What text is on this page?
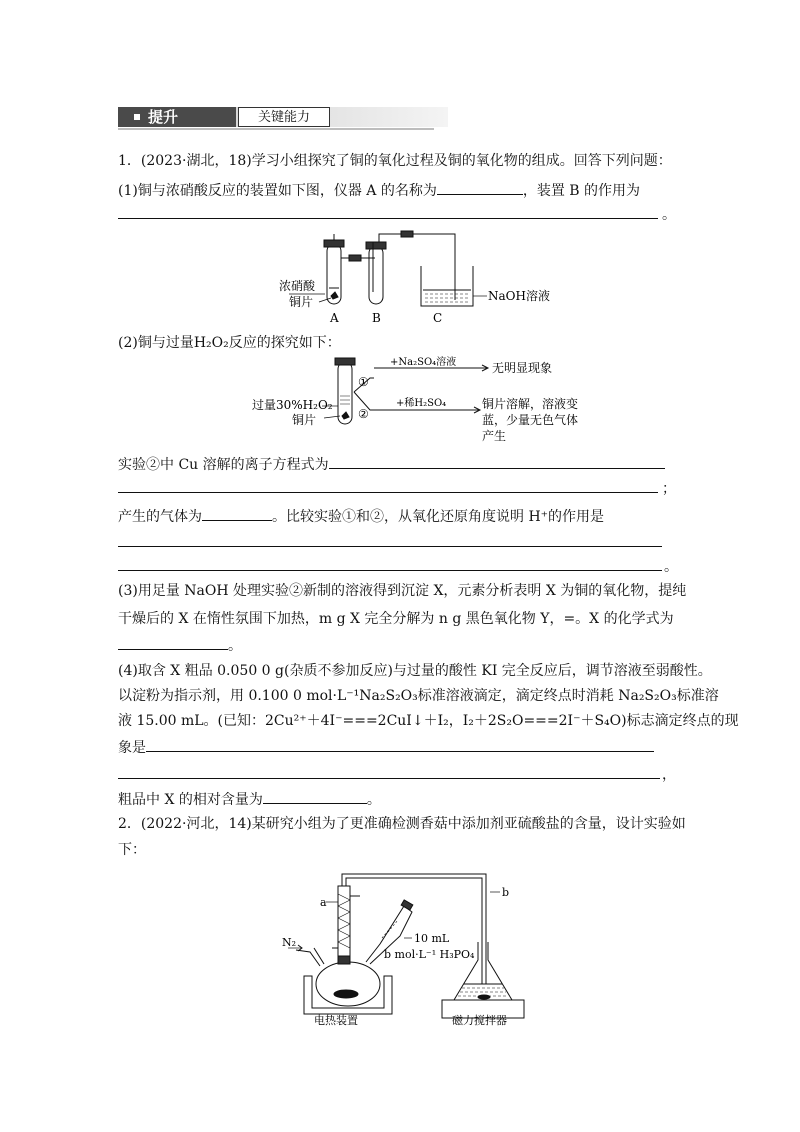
提升	关键能力
1．(2023·湖北，18)学习小组探究了铜的氧化过程及铜的氧化物的组成。回答下列问题：
(1)铜与浓硝酸反应的装置如下图，仪器 A 的名称为	，装置 B 的作用为
。
浓硝酸
铜片	NaOH溶液
A	B	C
(2)铜与过量H₂O₂反应的探究如下：
过量30%H₂O₂
铜片
①
②
+Na₂SO₄溶液
+稀H₂SO₄
无明显现象
铜片溶解，溶液变
蓝，少量无色气体
产生
实验②中 Cu 溶解的离子方程式为
；
产生的气体为	。比较实验①和②，从氧化还原角度说明 H⁺的作用是
。
(3)用足量 NaOH 处理实验②新制的溶液得到沉淀 X，元素分析表明 X 为铜的氧化物，提纯
干燥后的 X 在惰性氛围下加热，m g X 完全分解为 n g 黑色氧化物 Y，=。X 的化学式为
。
(4)取含 X 粗品 0.050 0 g(杂质不参加反应)与过量的酸性 KI 完全反应后，调节溶液至弱酸性。
以淀粉为指示剂，用 0.100 0 mol·L⁻¹Na₂S₂O₃标准溶液滴定，滴定终点时消耗 Na₂S₂O₃标准溶
液 15.00 mL。(已知：2Cu²⁺＋4I⁻===2CuI↓＋I₂，I₂＋2S₂O===2I⁻＋S₄O)标志滴定终点的现
象是
，
粗品中 X 的相对含量为	。
2．(2022·河北，14)某研究小组为了更准确检测香菇中添加剂亚硫酸盐的含量，设计实验如
下：
N₂
a
b
10 mL
b mol·L⁻¹ H₃PO₄
电热装置	磁力搅拌器
